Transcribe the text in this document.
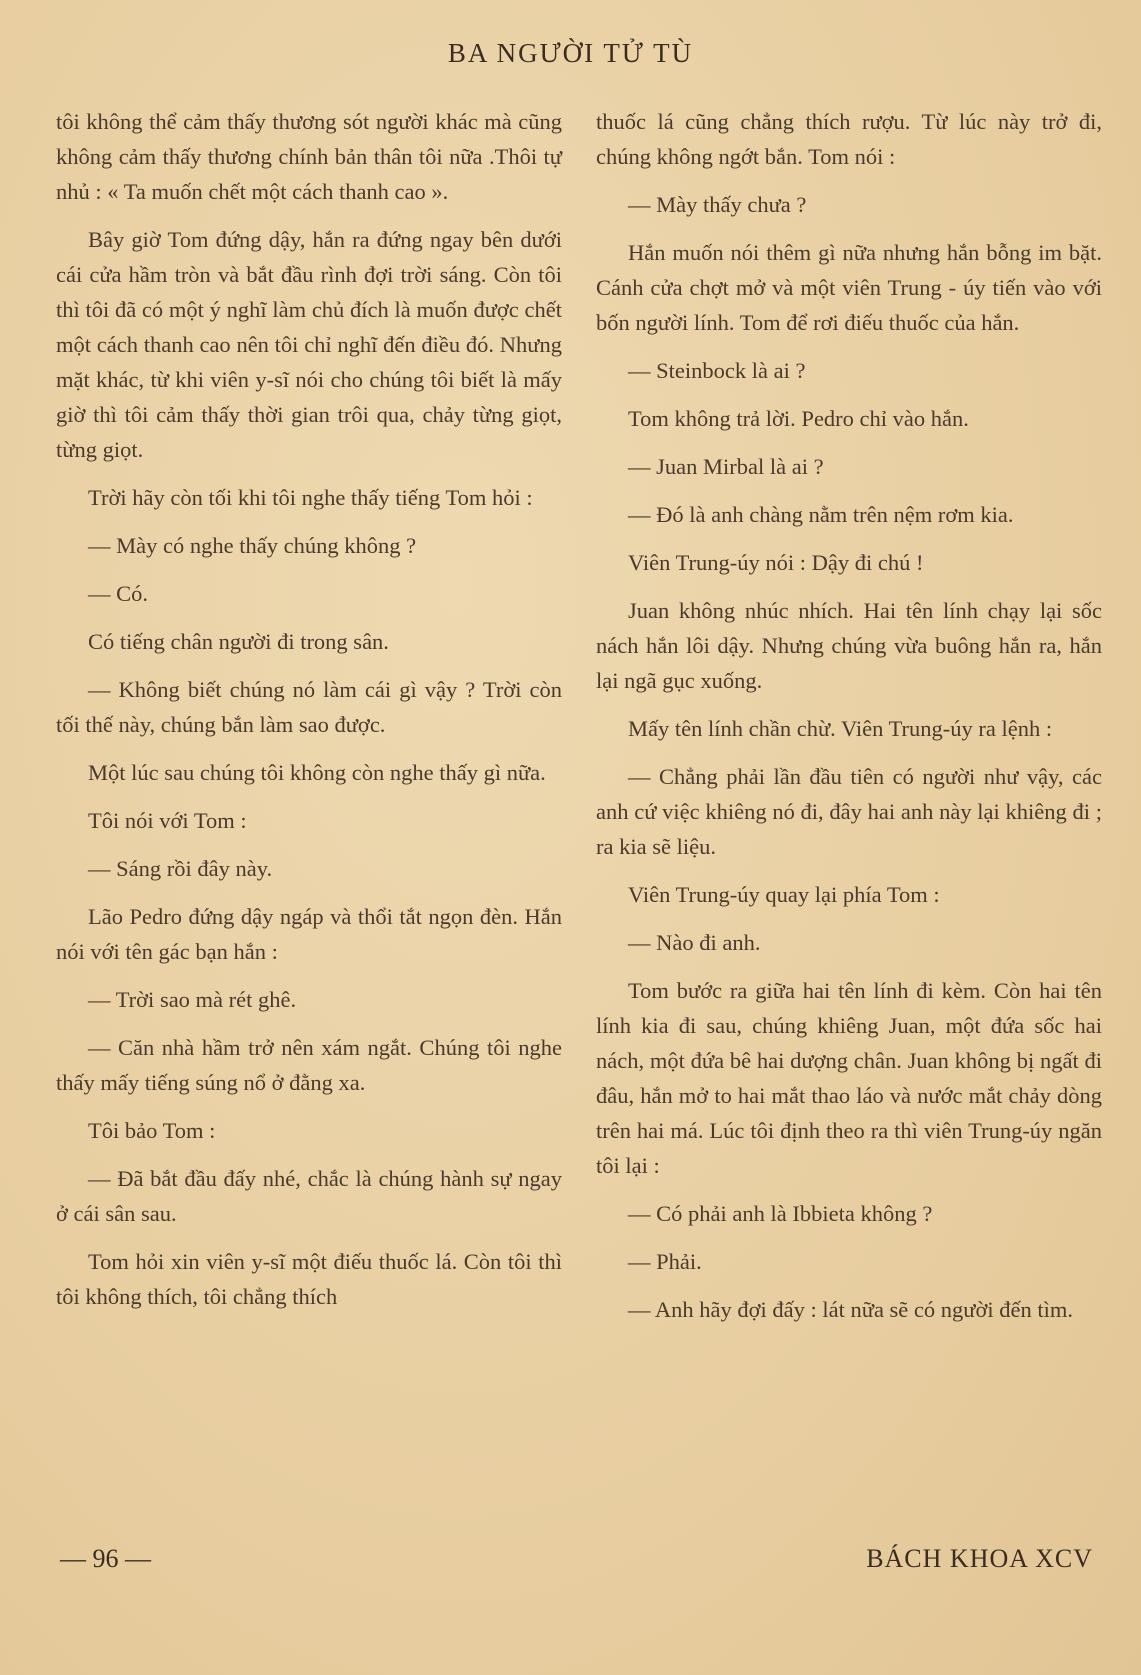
BA NGƯỜI TỬ TÙ

tôi không thể cảm thấy thương sót người khác mà cũng không cảm thấy thương chính bản thân tôi nữa .Thôi tự nhủ : « Ta muốn chết một cách thanh cao ».

Bây giờ Tom đứng dậy, hắn ra đứng ngay bên dưới cái cửa hầm tròn và bắt đầu rình đợi trời sáng. Còn tôi thì tôi đã có một ý nghĩ làm chủ đích là muốn được chết một cách thanh cao nên tôi chỉ nghĩ đến điều đó. Nhưng mặt khác, từ khi viên y-sĩ nói cho chúng tôi biết là mấy giờ thì tôi cảm thấy thời gian trôi qua, chảy từng giọt, từng giọt.

Trời hãy còn tối khi tôi nghe thấy tiếng Tom hỏi :

— Mày có nghe thấy chúng không ?

— Có.

Có tiếng chân người đi trong sân.

— Không biết chúng nó làm cái gì vậy ? Trời còn tối thế này, chúng bắn làm sao được.

Một lúc sau chúng tôi không còn nghe thấy gì nữa.

Tôi nói với Tom :

— Sáng rồi đây này.

Lão Pedro đứng dậy ngáp và thổi tắt ngọn đèn. Hắn nói với tên gác bạn hắn :

— Trời sao mà rét ghê.

— Căn nhà hầm trở nên xám ngắt. Chúng tôi nghe thấy mấy tiếng súng nổ ở đằng xa.

Tôi bảo Tom :

— Đã bắt đầu đấy nhé, chắc là chúng hành sự ngay ở cái sân sau.

Tom hỏi xin viên y-sĩ một điếu thuốc lá. Còn tôi thì tôi không thích, tôi chẳng thích

thuốc lá cũng chẳng thích rượu. Từ lúc này trở đi, chúng không ngớt bắn. Tom nói :

— Mày thấy chưa ?

Hắn muốn nói thêm gì nữa nhưng hắn bỗng im bặt. Cánh cửa chợt mở và một viên Trung - úy tiến vào với bốn người lính. Tom để rơi điếu thuốc của hắn.

— Steinbock là ai ?

Tom không trả lời. Pedro chỉ vào hắn.

— Juan Mirbal là ai ?

— Đó là anh chàng nằm trên nệm rơm kia.

Viên Trung-úy nói : Dậy đi chú !

Juan không nhúc nhích. Hai tên lính chạy lại sốc nách hắn lôi dậy. Nhưng chúng vừa buông hắn ra, hắn lại ngã gục xuống.

Mấy tên lính chần chừ. Viên Trung-úy ra lệnh :

— Chẳng phải lần đầu tiên có người như vậy, các anh cứ việc khiêng nó đi, đây hai anh này lại khiêng đi ; ra kia sẽ liệu.

Viên Trung-úy quay lại phía Tom :

— Nào đi anh.

Tom bước ra giữa hai tên lính đi kèm. Còn hai tên lính kia đi sau, chúng khiêng Juan, một đứa sốc hai nách, một đứa bê hai dượng chân. Juan không bị ngất đi đâu, hắn mở to hai mắt thao láo và nước mắt chảy dòng trên hai má. Lúc tôi định theo ra thì viên Trung-úy ngăn tôi lại :

— Có phải anh là Ibbieta không ?

— Phải.

— Anh hãy đợi đấy : lát nữa sẽ có người đến tìm.

— 96 —	BÁCH KHOA XCV
